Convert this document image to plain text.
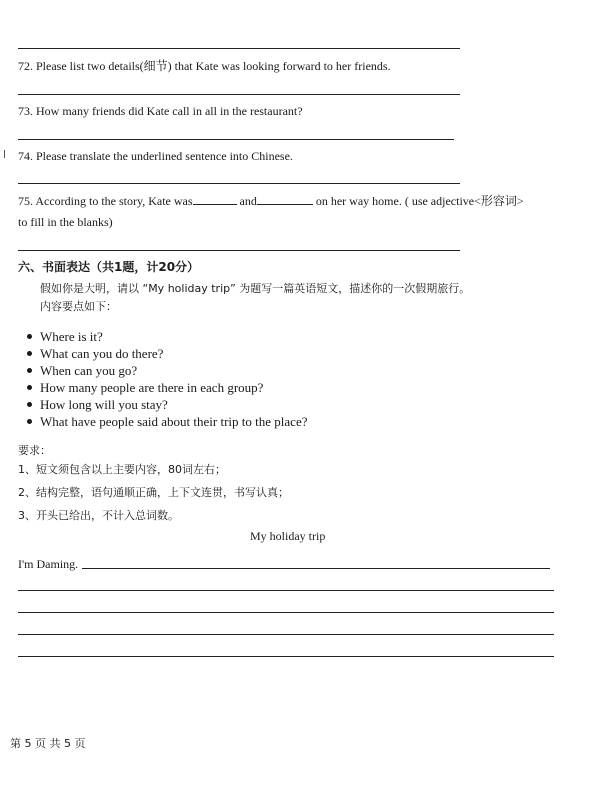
72. Please list two details(细节) that Kate was looking forward to her friends.
73. How many friends did Kate call in all in the restaurant?
74. Please translate the underlined sentence into Chinese.
75. According to the story, Kate was	and	on her way home. ( use adjective<形容词>
to fill in the blanks)
六、书面表达（共1题，计20分）
假如你是大明，请以 “My holiday trip” 为题写一篇英语短文，描述你的一次假期旅行。
内容要点如下：
Where is it?
What can you do there?
When can you go?
How many people are there in each group?
How long will you stay?
What have people said about their trip to the place?
要求：
1、短文须包含以上主要内容，80词左右；
2、结构完整，语句通顺正确，上下文连贯，书写认真；
3、开头已给出，不计入总词数。
My holiday trip
I'm Daming.
第 5 页 共 5 页
